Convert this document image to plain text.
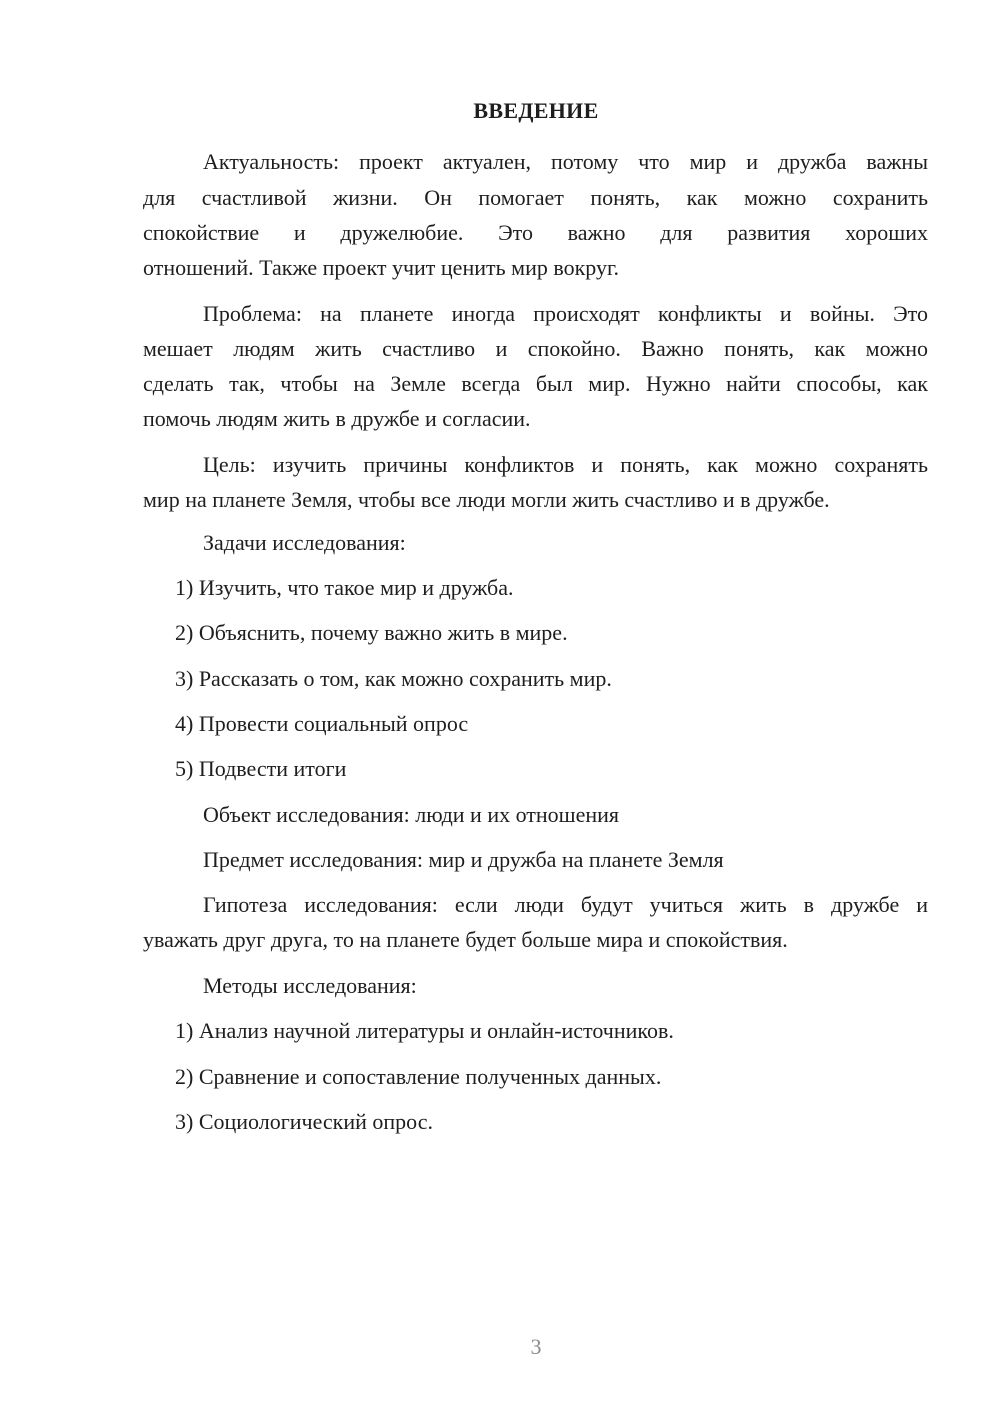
ВВЕДЕНИЕ

Актуальность: проект актуален, потому что мир и дружба важны

для счастливой жизни. Он помогает понять, как можно сохранить

спокойствие и дружелюбие. Это важно для развития хороших

отношений. Также проект учит ценить мир вокруг.

Проблема: на планете иногда происходят конфликты и войны. Это

мешает людям жить счастливо и спокойно. Важно понять, как можно

сделать так, чтобы на Земле всегда был мир. Нужно найти способы, как

помочь людям жить в дружбе и согласии.

Цель: изучить причины конфликтов и понять, как можно сохранять

мир на планете Земля, чтобы все люди могли жить счастливо и в дружбе.

Задачи исследования:
1) Изучить, что такое мир и дружба.
2) Объяснить, почему важно жить в мире.
3) Рассказать о том, как можно сохранить мир.
4) Провести социальный опрос
5) Подвести итоги
Объект исследования: люди и их отношения
Предмет исследования: мир и дружба на планете Земля

Гипотеза исследования: если люди будут учиться жить в дружбе и

уважать друг друга, то на планете будет больше мира и спокойствия.

Методы исследования:
1) Анализ научной литературы и онлайн-источников.
2) Сравнение и сопоставление полученных данных.
3) Социологический опрос.
3
